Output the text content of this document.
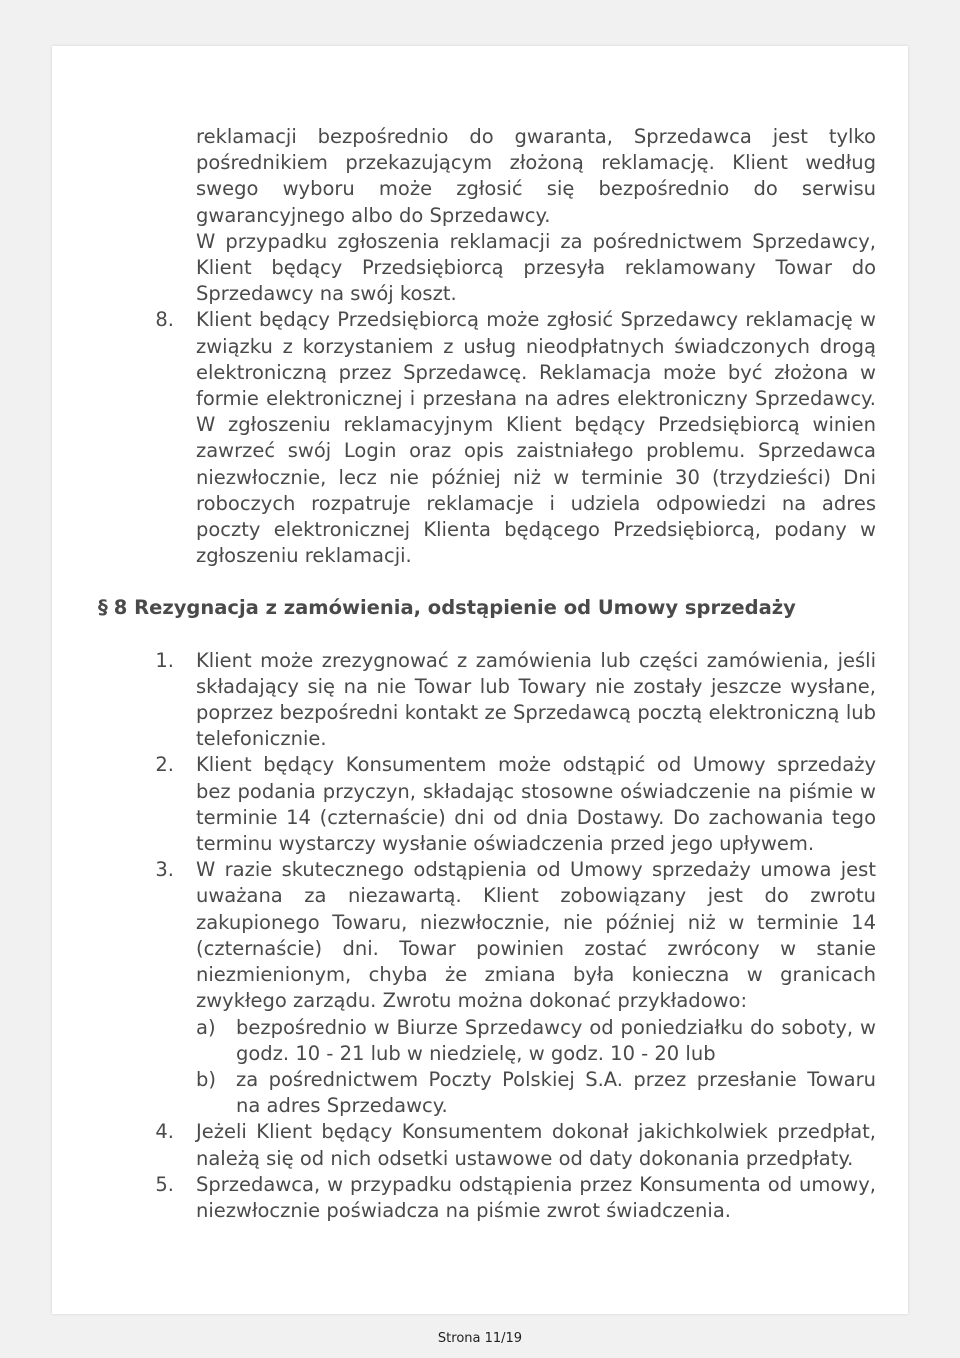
reklamacji bezpośrednio do gwaranta, Sprzedawca jest tylko pośrednikiem przekazującym złożoną reklamację. Klient według swego wyboru może zgłosić się bezpośrednio do serwisu gwarancyjnego albo do Sprzedawcy.
W przypadku zgłoszenia reklamacji za pośrednictwem Sprzedawcy, Klient będący Przedsiębiorcą przesyła reklamowany Towar do Sprzedawcy na swój koszt.
8. Klient będący Przedsiębiorcą może zgłosić Sprzedawcy reklamację w związku z korzystaniem z usług nieodpłatnych świadczonych drogą elektroniczną przez Sprzedawcę. Reklamacja może być złożona w formie elektronicznej i przesłana na adres elektroniczny Sprzedawcy. W zgłoszeniu reklamacyjnym Klient będący Przedsiębiorcą winien zawrzeć swój Login oraz opis zaistniałego problemu. Sprzedawca niezwłocznie, lecz nie później niż w terminie 30 (trzydzieści) Dni roboczych rozpatruje reklamacje i udziela odpowiedzi na adres poczty elektronicznej Klienta będącego Przedsiębiorcą, podany w zgłoszeniu reklamacji.
§ 8 Rezygnacja z zamówienia, odstąpienie od Umowy sprzedaży
1. Klient może zrezygnować z zamówienia lub części zamówienia, jeśli składający się na nie Towar lub Towary nie zostały jeszcze wysłane, poprzez bezpośredni kontakt ze Sprzedawcą pocztą elektroniczną lub telefonicznie.
2. Klient będący Konsumentem może odstąpić od Umowy sprzedaży bez podania przyczyn, składając stosowne oświadczenie na piśmie w terminie 14 (czternaście) dni od dnia Dostawy. Do zachowania tego terminu wystarczy wysłanie oświadczenia przed jego upływem.
3. W razie skutecznego odstąpienia od Umowy sprzedaży umowa jest uważana za niezawartą. Klient zobowiązany jest do zwrotu zakupionego Towaru, niezwłocznie, nie później niż w terminie 14 (czternaście) dni. Towar powinien zostać zwrócony w stanie niezmienionym, chyba że zmiana była konieczna w granicach zwykłego zarządu. Zwrotu można dokonać przykładowo:
a) bezpośrednio w Biurze Sprzedawcy od poniedziałku do soboty, w godz. 10 - 21 lub w niedzielę, w godz. 10 - 20 lub
b) za pośrednictwem Poczty Polskiej S.A. przez przesłanie Towaru na adres Sprzedawcy.
4. Jeżeli Klient będący Konsumentem dokonał jakichkolwiek przedpłat, należą się od nich odsetki ustawowe od daty dokonania przedpłaty.
5. Sprzedawca, w przypadku odstąpienia przez Konsumenta od umowy, niezwłocznie poświadcza na piśmie zwrot świadczenia.
Strona 11/19
